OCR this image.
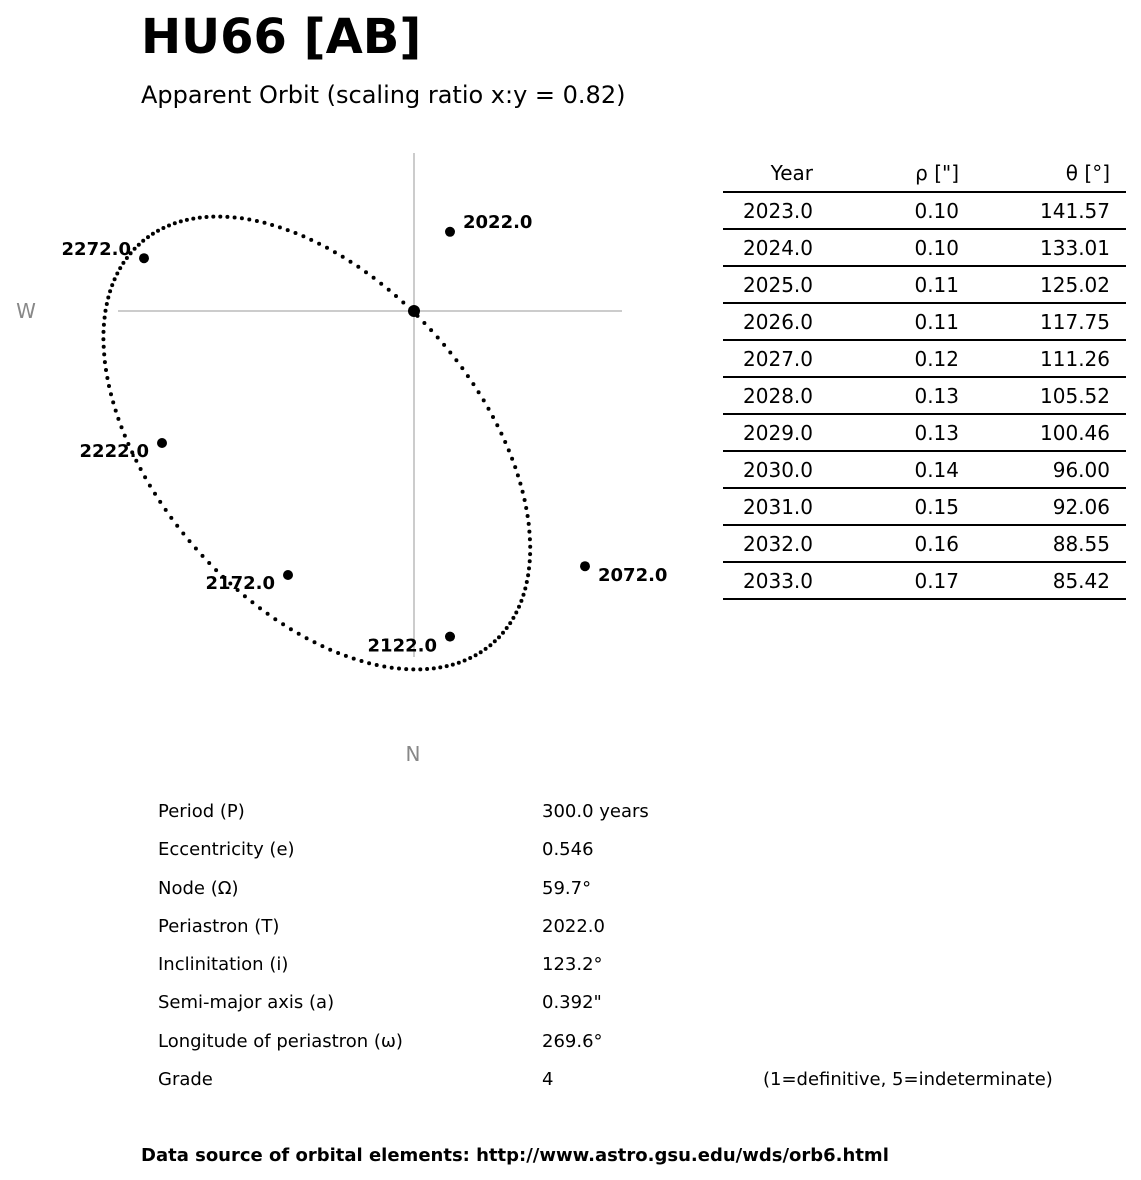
HU66 [AB]
Apparent Orbit (scaling ratio x:y = 0.82)
2022.0
2072.0
2122.0
2172.0
2222.0
2272.0
W
N
Year	ρ ["]	θ [°]	
2023.0	0.10	141.57	
2024.0	0.10	133.01	
2025.0	0.11	125.02	
2026.0	0.11	117.75	
2027.0	0.12	111.26	
2028.0	0.13	105.52	
2029.0	0.13	100.46	
2030.0	0.14	96.00	
2031.0	0.15	92.06	
2032.0	0.16	88.55	
2033.0	0.17	85.42	
Period (P)	300.0 years
Eccentricity (e)	0.546
Node (Ω)	59.7°
Periastron (T)	2022.0
Inclinitation (i)	123.2°
Semi-major axis (a)	0.392"
Longitude of periastron (ω)	269.6°
Grade	4	(1=definitive, 5=indeterminate)
Data source of orbital elements: http://www.astro.gsu.edu/wds/orb6.html
